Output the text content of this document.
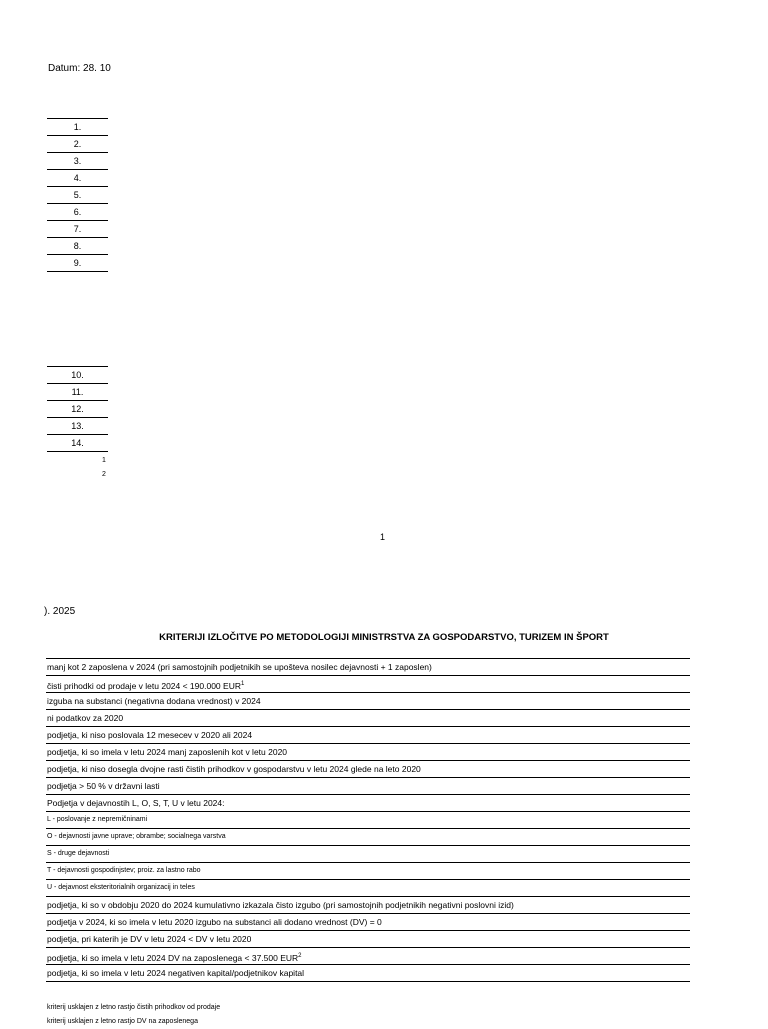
Datum: 28. 10
1.
2.
3.
4.
5.
6.
7.
8.
9.
10.
11.
12.
13.
14.
1
2
1
). 2025
KRITERIJI IZLOČITVE PO METODOLOGIJI MINISTRSTVA ZA GOSPODARSTVO, TURIZEM IN ŠPORT
manj kot 2 zaposlena v 2024 (pri samostojnih podjetnikih se upošteva nosilec dejavnosti + 1 zaposlen)
čisti prihodki od prodaje v letu 2024 < 190.000 EUR$^1$
izguba na substanci (negativna dodana vrednost) v 2024
ni podatkov za 2020
podjetja, ki niso poslovala 12 mesecev v 2020 ali 2024
podjetja, ki so imela v letu 2024 manj zaposlenih kot v letu 2020
podjetja, ki niso dosegla dvojne rasti čistih prihodkov v gospodarstvu v letu 2024 glede na leto 2020
podjetja > 50 % v državni lasti
Podjetja v dejavnostih L, O, S, T, U v letu 2024:
L - poslovanje z nepremičninami
O - dejavnosti javne uprave; obrambe; socialnega varstva
S - druge dejavnosti
T - dejavnosti gospodinjstev; proiz. za lastno rabo
U - dejavnost eksteritorialnih organizacij in teles
podjetja, ki so v obdobju 2020 do 2024 kumulativno izkazala čisto izgubo (pri samostojnih podjetnikih negativni poslovni izid)
podjetja v 2024, ki so imela v letu 2020 izgubo na substanci ali dodano vrednost (DV) = 0
podjetja, pri katerih je DV v letu 2024 < DV v letu 2020
podjetja, ki so imela v letu 2024 DV na zaposlenega < 37.500 EUR$^2$
podjetja, ki so imela v letu 2024 negativen kapital/podjetnikov kapital
kriterij usklajen z letno rastjo čistih prihodkov od prodaje
kriterij usklajen z letno rastjo DV na zaposlenega
